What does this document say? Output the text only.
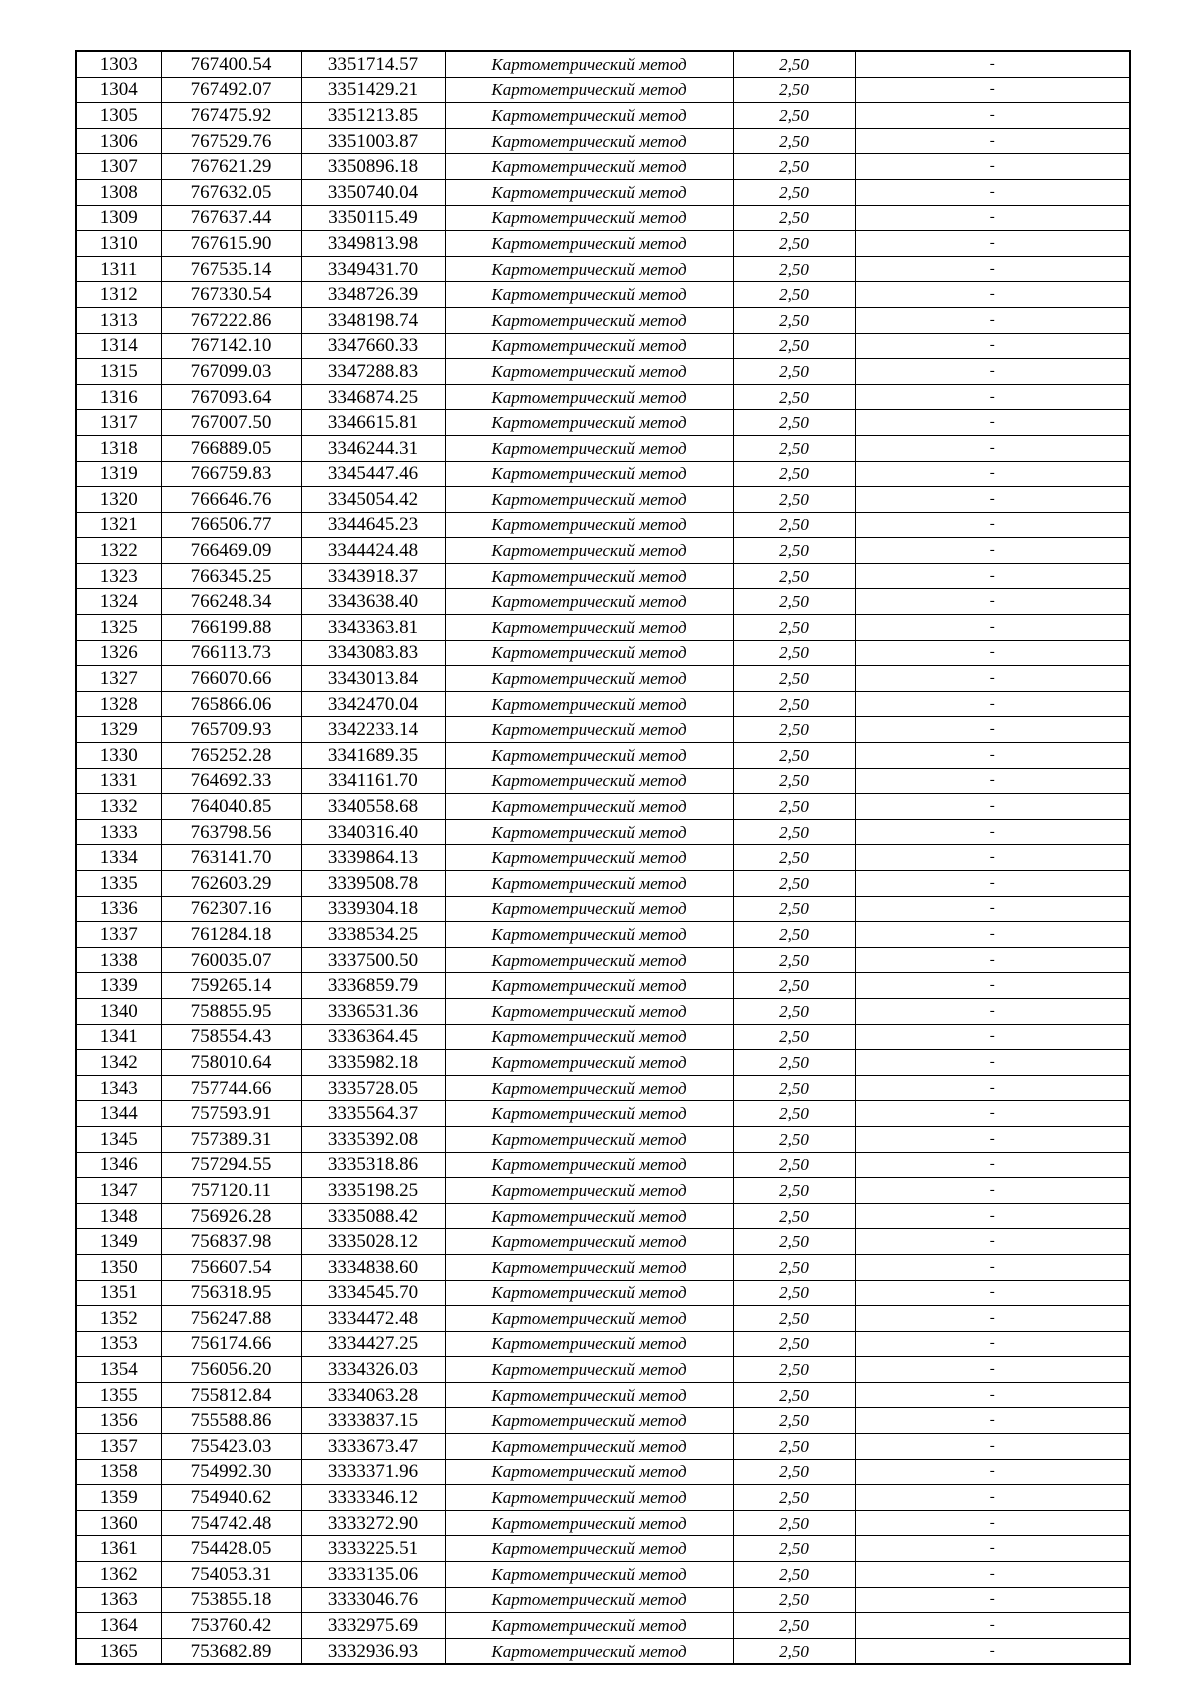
1303	767400.54	3351714.57	Картометрический метод	2,50	-
1304	767492.07	3351429.21	Картометрический метод	2,50	-
1305	767475.92	3351213.85	Картометрический метод	2,50	-
1306	767529.76	3351003.87	Картометрический метод	2,50	-
1307	767621.29	3350896.18	Картометрический метод	2,50	-
1308	767632.05	3350740.04	Картометрический метод	2,50	-
1309	767637.44	3350115.49	Картометрический метод	2,50	-
1310	767615.90	3349813.98	Картометрический метод	2,50	-
1311	767535.14	3349431.70	Картометрический метод	2,50	-
1312	767330.54	3348726.39	Картометрический метод	2,50	-
1313	767222.86	3348198.74	Картометрический метод	2,50	-
1314	767142.10	3347660.33	Картометрический метод	2,50	-
1315	767099.03	3347288.83	Картометрический метод	2,50	-
1316	767093.64	3346874.25	Картометрический метод	2,50	-
1317	767007.50	3346615.81	Картометрический метод	2,50	-
1318	766889.05	3346244.31	Картометрический метод	2,50	-
1319	766759.83	3345447.46	Картометрический метод	2,50	-
1320	766646.76	3345054.42	Картометрический метод	2,50	-
1321	766506.77	3344645.23	Картометрический метод	2,50	-
1322	766469.09	3344424.48	Картометрический метод	2,50	-
1323	766345.25	3343918.37	Картометрический метод	2,50	-
1324	766248.34	3343638.40	Картометрический метод	2,50	-
1325	766199.88	3343363.81	Картометрический метод	2,50	-
1326	766113.73	3343083.83	Картометрический метод	2,50	-
1327	766070.66	3343013.84	Картометрический метод	2,50	-
1328	765866.06	3342470.04	Картометрический метод	2,50	-
1329	765709.93	3342233.14	Картометрический метод	2,50	-
1330	765252.28	3341689.35	Картометрический метод	2,50	-
1331	764692.33	3341161.70	Картометрический метод	2,50	-
1332	764040.85	3340558.68	Картометрический метод	2,50	-
1333	763798.56	3340316.40	Картометрический метод	2,50	-
1334	763141.70	3339864.13	Картометрический метод	2,50	-
1335	762603.29	3339508.78	Картометрический метод	2,50	-
1336	762307.16	3339304.18	Картометрический метод	2,50	-
1337	761284.18	3338534.25	Картометрический метод	2,50	-
1338	760035.07	3337500.50	Картометрический метод	2,50	-
1339	759265.14	3336859.79	Картометрический метод	2,50	-
1340	758855.95	3336531.36	Картометрический метод	2,50	-
1341	758554.43	3336364.45	Картометрический метод	2,50	-
1342	758010.64	3335982.18	Картометрический метод	2,50	-
1343	757744.66	3335728.05	Картометрический метод	2,50	-
1344	757593.91	3335564.37	Картометрический метод	2,50	-
1345	757389.31	3335392.08	Картометрический метод	2,50	-
1346	757294.55	3335318.86	Картометрический метод	2,50	-
1347	757120.11	3335198.25	Картометрический метод	2,50	-
1348	756926.28	3335088.42	Картометрический метод	2,50	-
1349	756837.98	3335028.12	Картометрический метод	2,50	-
1350	756607.54	3334838.60	Картометрический метод	2,50	-
1351	756318.95	3334545.70	Картометрический метод	2,50	-
1352	756247.88	3334472.48	Картометрический метод	2,50	-
1353	756174.66	3334427.25	Картометрический метод	2,50	-
1354	756056.20	3334326.03	Картометрический метод	2,50	-
1355	755812.84	3334063.28	Картометрический метод	2,50	-
1356	755588.86	3333837.15	Картометрический метод	2,50	-
1357	755423.03	3333673.47	Картометрический метод	2,50	-
1358	754992.30	3333371.96	Картометрический метод	2,50	-
1359	754940.62	3333346.12	Картометрический метод	2,50	-
1360	754742.48	3333272.90	Картометрический метод	2,50	-
1361	754428.05	3333225.51	Картометрический метод	2,50	-
1362	754053.31	3333135.06	Картометрический метод	2,50	-
1363	753855.18	3333046.76	Картометрический метод	2,50	-
1364	753760.42	3332975.69	Картометрический метод	2,50	-
1365	753682.89	3332936.93	Картометрический метод	2,50	-
